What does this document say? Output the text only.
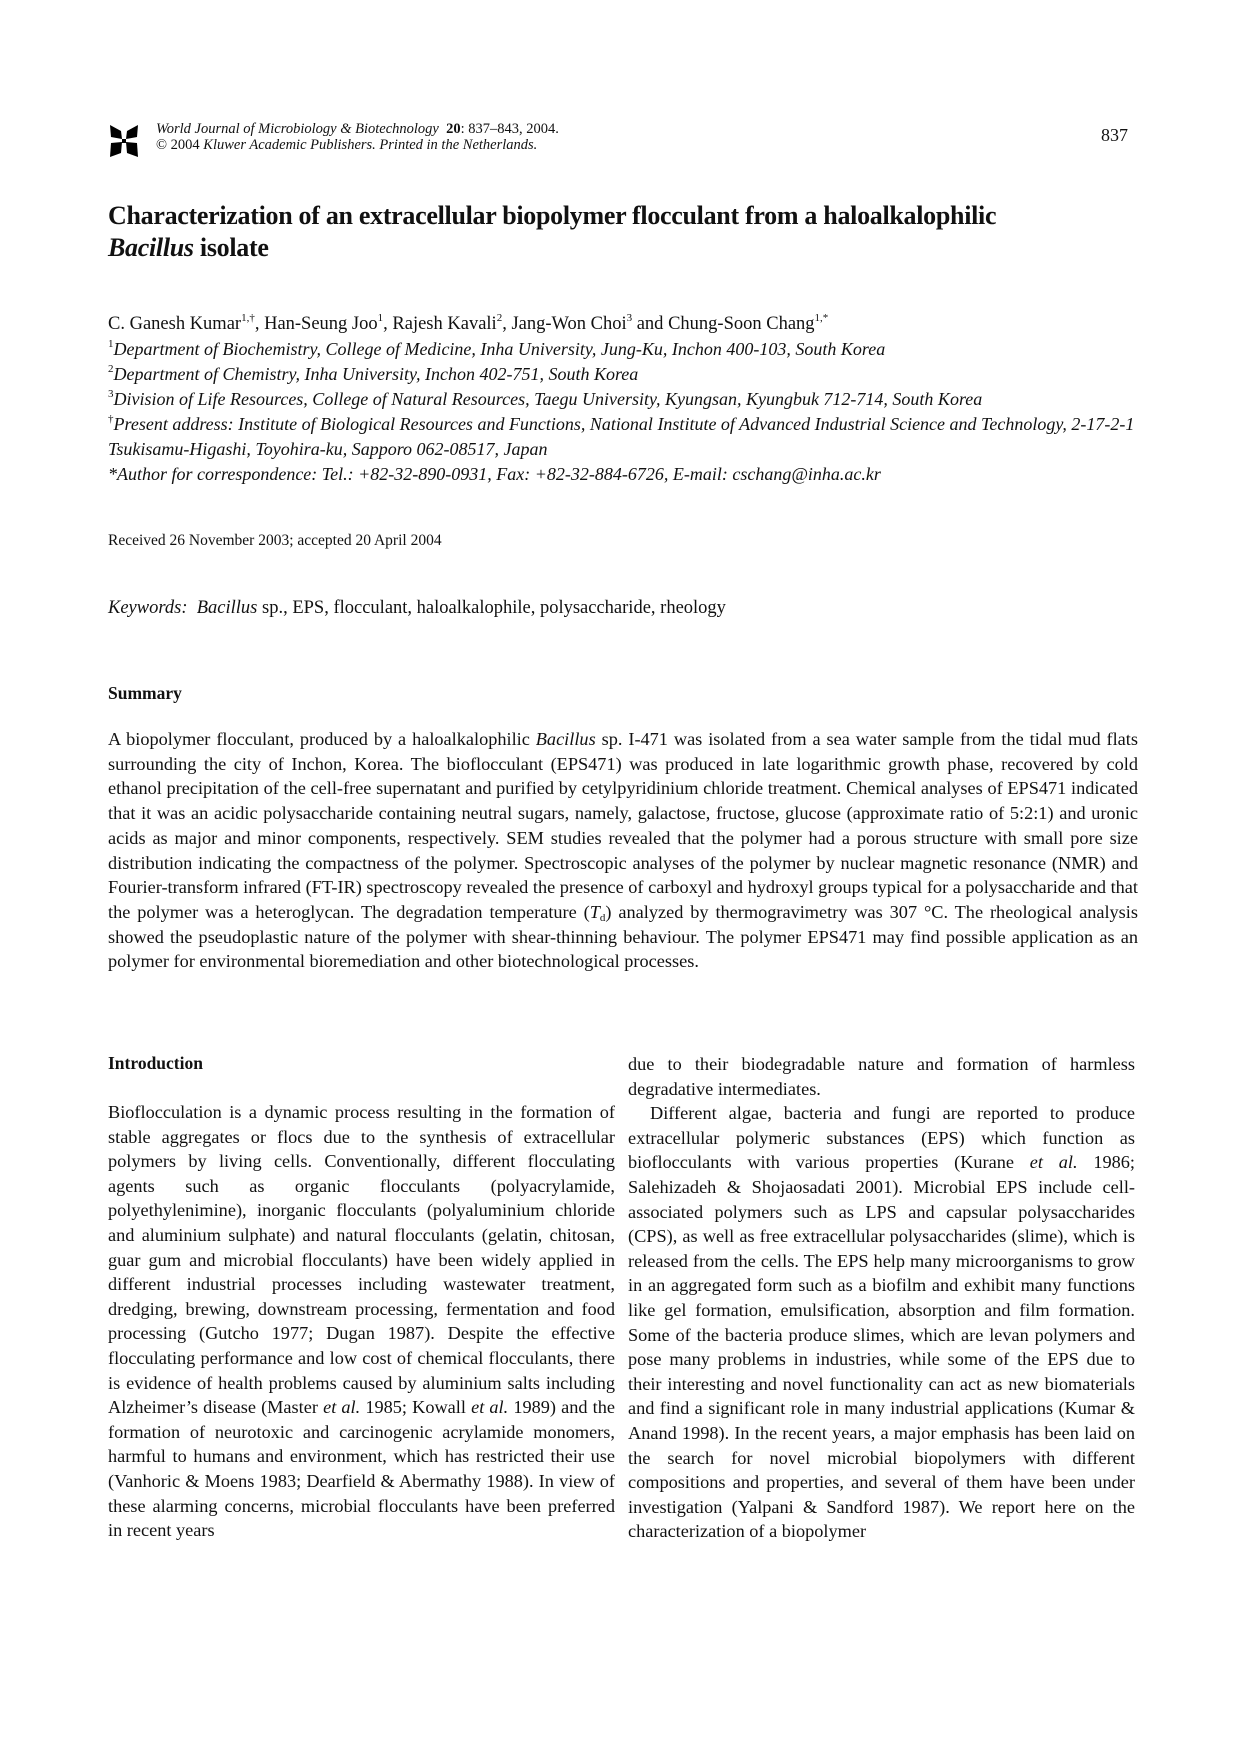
World Journal of Microbiology & Biotechnology 20: 837–843, 2004.
© 2004 Kluwer Academic Publishers. Printed in the Netherlands.	837
Characterization of an extracellular biopolymer flocculant from a haloalkalophilic
Bacillus isolate
C. Ganesh Kumar$^{1,\dagger}$, Han-Seung Joo$^1$, Rajesh Kavali$^2$, Jang-Won Choi$^3$ and Chung-Soon Chang$^{1,*}$
$^1$Department of Biochemistry, College of Medicine, Inha University, Jung-Ku, Inchon 400-103, South Korea
$^2$Department of Chemistry, Inha University, Inchon 402-751, South Korea
$^3$Division of Life Resources, College of Natural Resources, Taegu University, Kyungsan, Kyungbuk 712-714, South Korea
†Present address: Institute of Biological Resources and Functions, National Institute of Advanced Industrial Science and Technology, 2-17-2-1 Tsukisamu-Higashi, Toyohira-ku, Sapporo 062-08517, Japan
*Author for correspondence: Tel.: +82-32-890-0931, Fax: +82-32-884-6726, E-mail: cschang@inha.ac.kr
Received 26 November 2003; accepted 20 April 2004
Keywords: Bacillus sp., EPS, flocculant, haloalkalophile, polysaccharide, rheology
Summary
A biopolymer flocculant, produced by a haloalkalophilic Bacillus sp. I-471 was isolated from a sea water sample from the tidal mud flats surrounding the city of Inchon, Korea. The bioflocculant (EPS471) was produced in late logarithmic growth phase, recovered by cold ethanol precipitation of the cell-free supernatant and purified by cetylpyridinium chloride treatment. Chemical analyses of EPS471 indicated that it was an acidic polysaccharide containing neutral sugars, namely, galactose, fructose, glucose (approximate ratio of 5:2:1) and uronic acids as major and minor components, respectively. SEM studies revealed that the polymer had a porous structure with small pore size distribution indicating the compactness of the polymer. Spectroscopic analyses of the polymer by nuclear magnetic resonance (NMR) and Fourier-transform infrared (FT-IR) spectroscopy revealed the presence of carboxyl and hydroxyl groups typical for a polysaccharide and that the polymer was a heteroglycan. The degradation temperature $(T_d)$ analyzed by thermogravimetry was 307 °C. The rheological analysis showed the pseudoplastic nature of the polymer with shear-thinning behaviour. The polymer EPS471 may find possible application as an polymer for environmental bioremediation and other biotechnological processes.
Introduction

Bioflocculation is a dynamic process resulting in the formation of stable aggregates or flocs due to the synthesis of extracellular polymers by living cells. Conventionally, different flocculating agents such as organic flocculants (polyacrylamide, polyethylenimine), inorganic flocculants (polyaluminium chloride and aluminium sulphate) and natural flocculants (gelatin, chitosan, guar gum and microbial flocculants) have been widely applied in different industrial processes including wastewater treatment, dredging, brewing, downstream processing, fermentation and food processing (Gutcho 1977; Dugan 1987). Despite the effective flocculating performance and low cost of chemical flocculants, there is evidence of health problems caused by aluminium salts including Alzheimer’s disease (Master et al. 1985; Kowall et al. 1989) and the formation of neurotoxic and carcinogenic acrylamide monomers, harmful to humans and environment, which has restricted their use (Vanhoric & Moens 1983; Dearfield & Abermathy 1988). In view of these alarming concerns, microbial flocculants have been preferred in recent years

due to their biodegradable nature and formation of harmless degradative intermediates.

Different algae, bacteria and fungi are reported to produce extracellular polymeric substances (EPS) which function as bioflocculants with various properties (Kurane et al. 1986; Salehizadeh & Shojaosadati 2001). Microbial EPS include cell-associated polymers such as LPS and capsular polysaccharides (CPS), as well as free extracellular polysaccharides (slime), which is released from the cells. The EPS help many microorganisms to grow in an aggregated form such as a biofilm and exhibit many functions like gel formation, emulsification, absorption and film formation. Some of the bacteria produce slimes, which are levan polymers and pose many problems in industries, while some of the EPS due to their interesting and novel functionality can act as new biomaterials and find a significant role in many industrial applications (Kumar & Anand 1998). In the recent years, a major emphasis has been laid on the search for novel microbial biopolymers with different compositions and properties, and several of them have been under investigation (Yalpani & Sandford 1987). We report here on the characterization of a biopolymer
